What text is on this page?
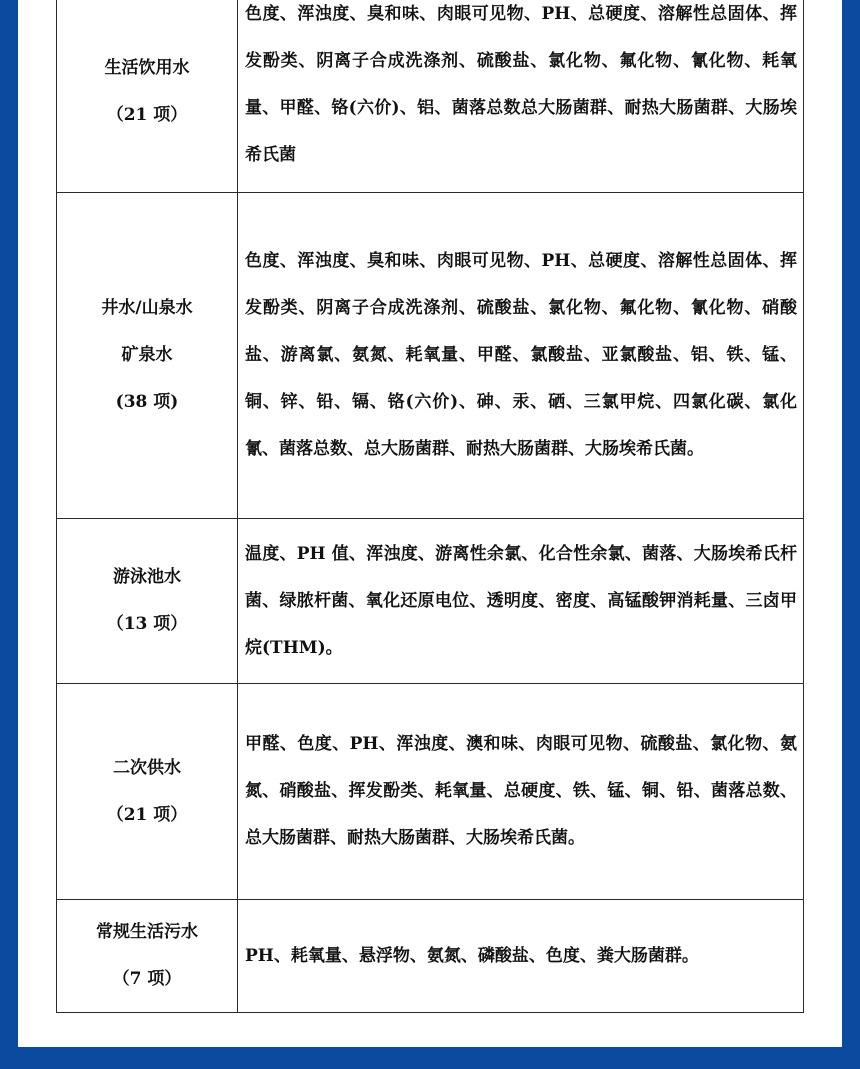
生活饮用水
（21 项）	色度、浑浊度、臭和味、肉眼可见物、PH、总硬度、溶解性总固体、挥发酚类、阴离子合成洗涤剂、硫酸盐、氯化物、氟化物、氰化物、耗氧量、甲醛、铬(六价)、铝、菌落总数总大肠菌群、耐热大肠菌群、大肠埃希氏菌

井水/山泉水
矿泉水
(38 项)	色度、浑浊度、臭和味、肉眼可见物、PH、总硬度、溶解性总固体、挥发酚类、阴离子合成洗涤剂、硫酸盐、氯化物、氟化物、氰化物、硝酸盐、游离氯、氨氮、耗氧量、甲醛、氯酸盐、亚氯酸盐、铝、铁、锰、铜、锌、铅、镉、铬(六价)、砷、汞、硒、三氯甲烷、四氯化碳、氯化氰、菌落总数、总大肠菌群、耐热大肠菌群、大肠埃希氏菌。

游泳池水
（13 项）	温度、PH 值、浑浊度、游离性余氯、化合性余氯、菌落、大肠埃希氏杆菌、绿脓杆菌、氧化还原电位、透明度、密度、高锰酸钾消耗量、三卤甲烷(THM)。

二次供水
（21 项）	甲醛、色度、PH、浑浊度、澳和味、肉眼可见物、硫酸盐、氯化物、氨氮、硝酸盐、挥发酚类、耗氧量、总硬度、铁、锰、铜、铅、菌落总数、总大肠菌群、耐热大肠菌群、大肠埃希氏菌。

常规生活污水
（7 项）	PH、耗氧量、悬浮物、氨氮、磷酸盐、色度、粪大肠菌群。
